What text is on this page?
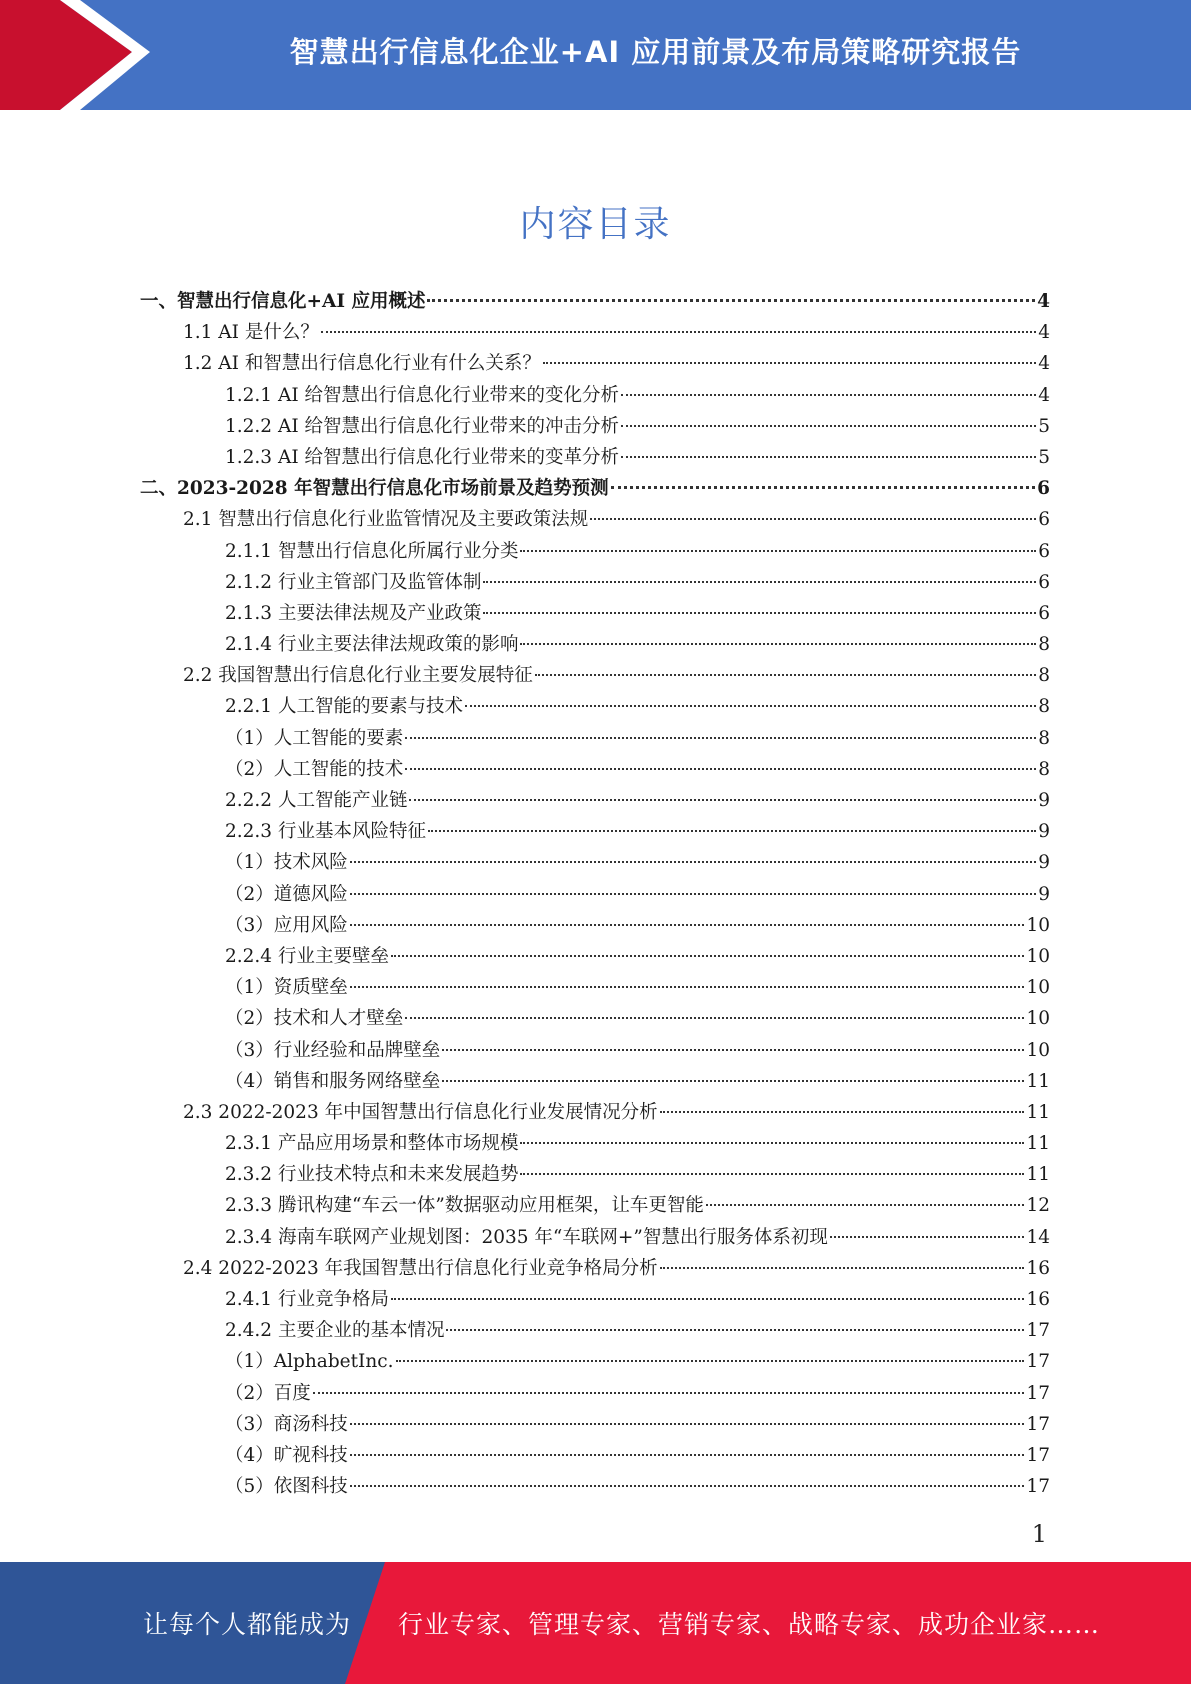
智慧出行信息化企业+AI 应用前景及布局策略研究报告
内容目录
一、智慧出行信息化+AI 应用概述	4
1.1 AI 是什么？	4
1.2 AI 和智慧出行信息化行业有什么关系？	4
1.2.1 AI 给智慧出行信息化行业带来的变化分析	4
1.2.2 AI 给智慧出行信息化行业带来的冲击分析	5
1.2.3 AI 给智慧出行信息化行业带来的变革分析	5
二、2023-2028 年智慧出行信息化市场前景及趋势预测	6
2.1 智慧出行信息化行业监管情况及主要政策法规	6
2.1.1 智慧出行信息化所属行业分类	6
2.1.2 行业主管部门及监管体制	6
2.1.3 主要法律法规及产业政策	6
2.1.4 行业主要法律法规政策的影响	8
2.2 我国智慧出行信息化行业主要发展特征	8
2.2.1 人工智能的要素与技术	8
（1）人工智能的要素	8
（2）人工智能的技术	8
2.2.2 人工智能产业链	9
2.2.3 行业基本风险特征	9
（1）技术风险	9
（2）道德风险	9
（3）应用风险	10
2.2.4 行业主要壁垒	10
（1）资质壁垒	10
（2）技术和人才壁垒	10
（3）行业经验和品牌壁垒	10
（4）销售和服务网络壁垒	11
2.3 2022-2023 年中国智慧出行信息化行业发展情况分析	11
2.3.1 产品应用场景和整体市场规模	11
2.3.2 行业技术特点和未来发展趋势	11
2.3.3 腾讯构建“车云一体”数据驱动应用框架，让车更智能	12
2.3.4 海南车联网产业规划图：2035 年“车联网+”智慧出行服务体系初现	14
2.4 2022-2023 年我国智慧出行信息化行业竞争格局分析	16
2.4.1 行业竞争格局	16
2.4.2 主要企业的基本情况	17
（1）AlphabetInc.	17
（2）百度	17
（3）商汤科技	17
（4）旷视科技	17
（5）依图科技	17
1
让每个人都能成为 行业专家、管理专家、营销专家、战略专家、成功企业家……
